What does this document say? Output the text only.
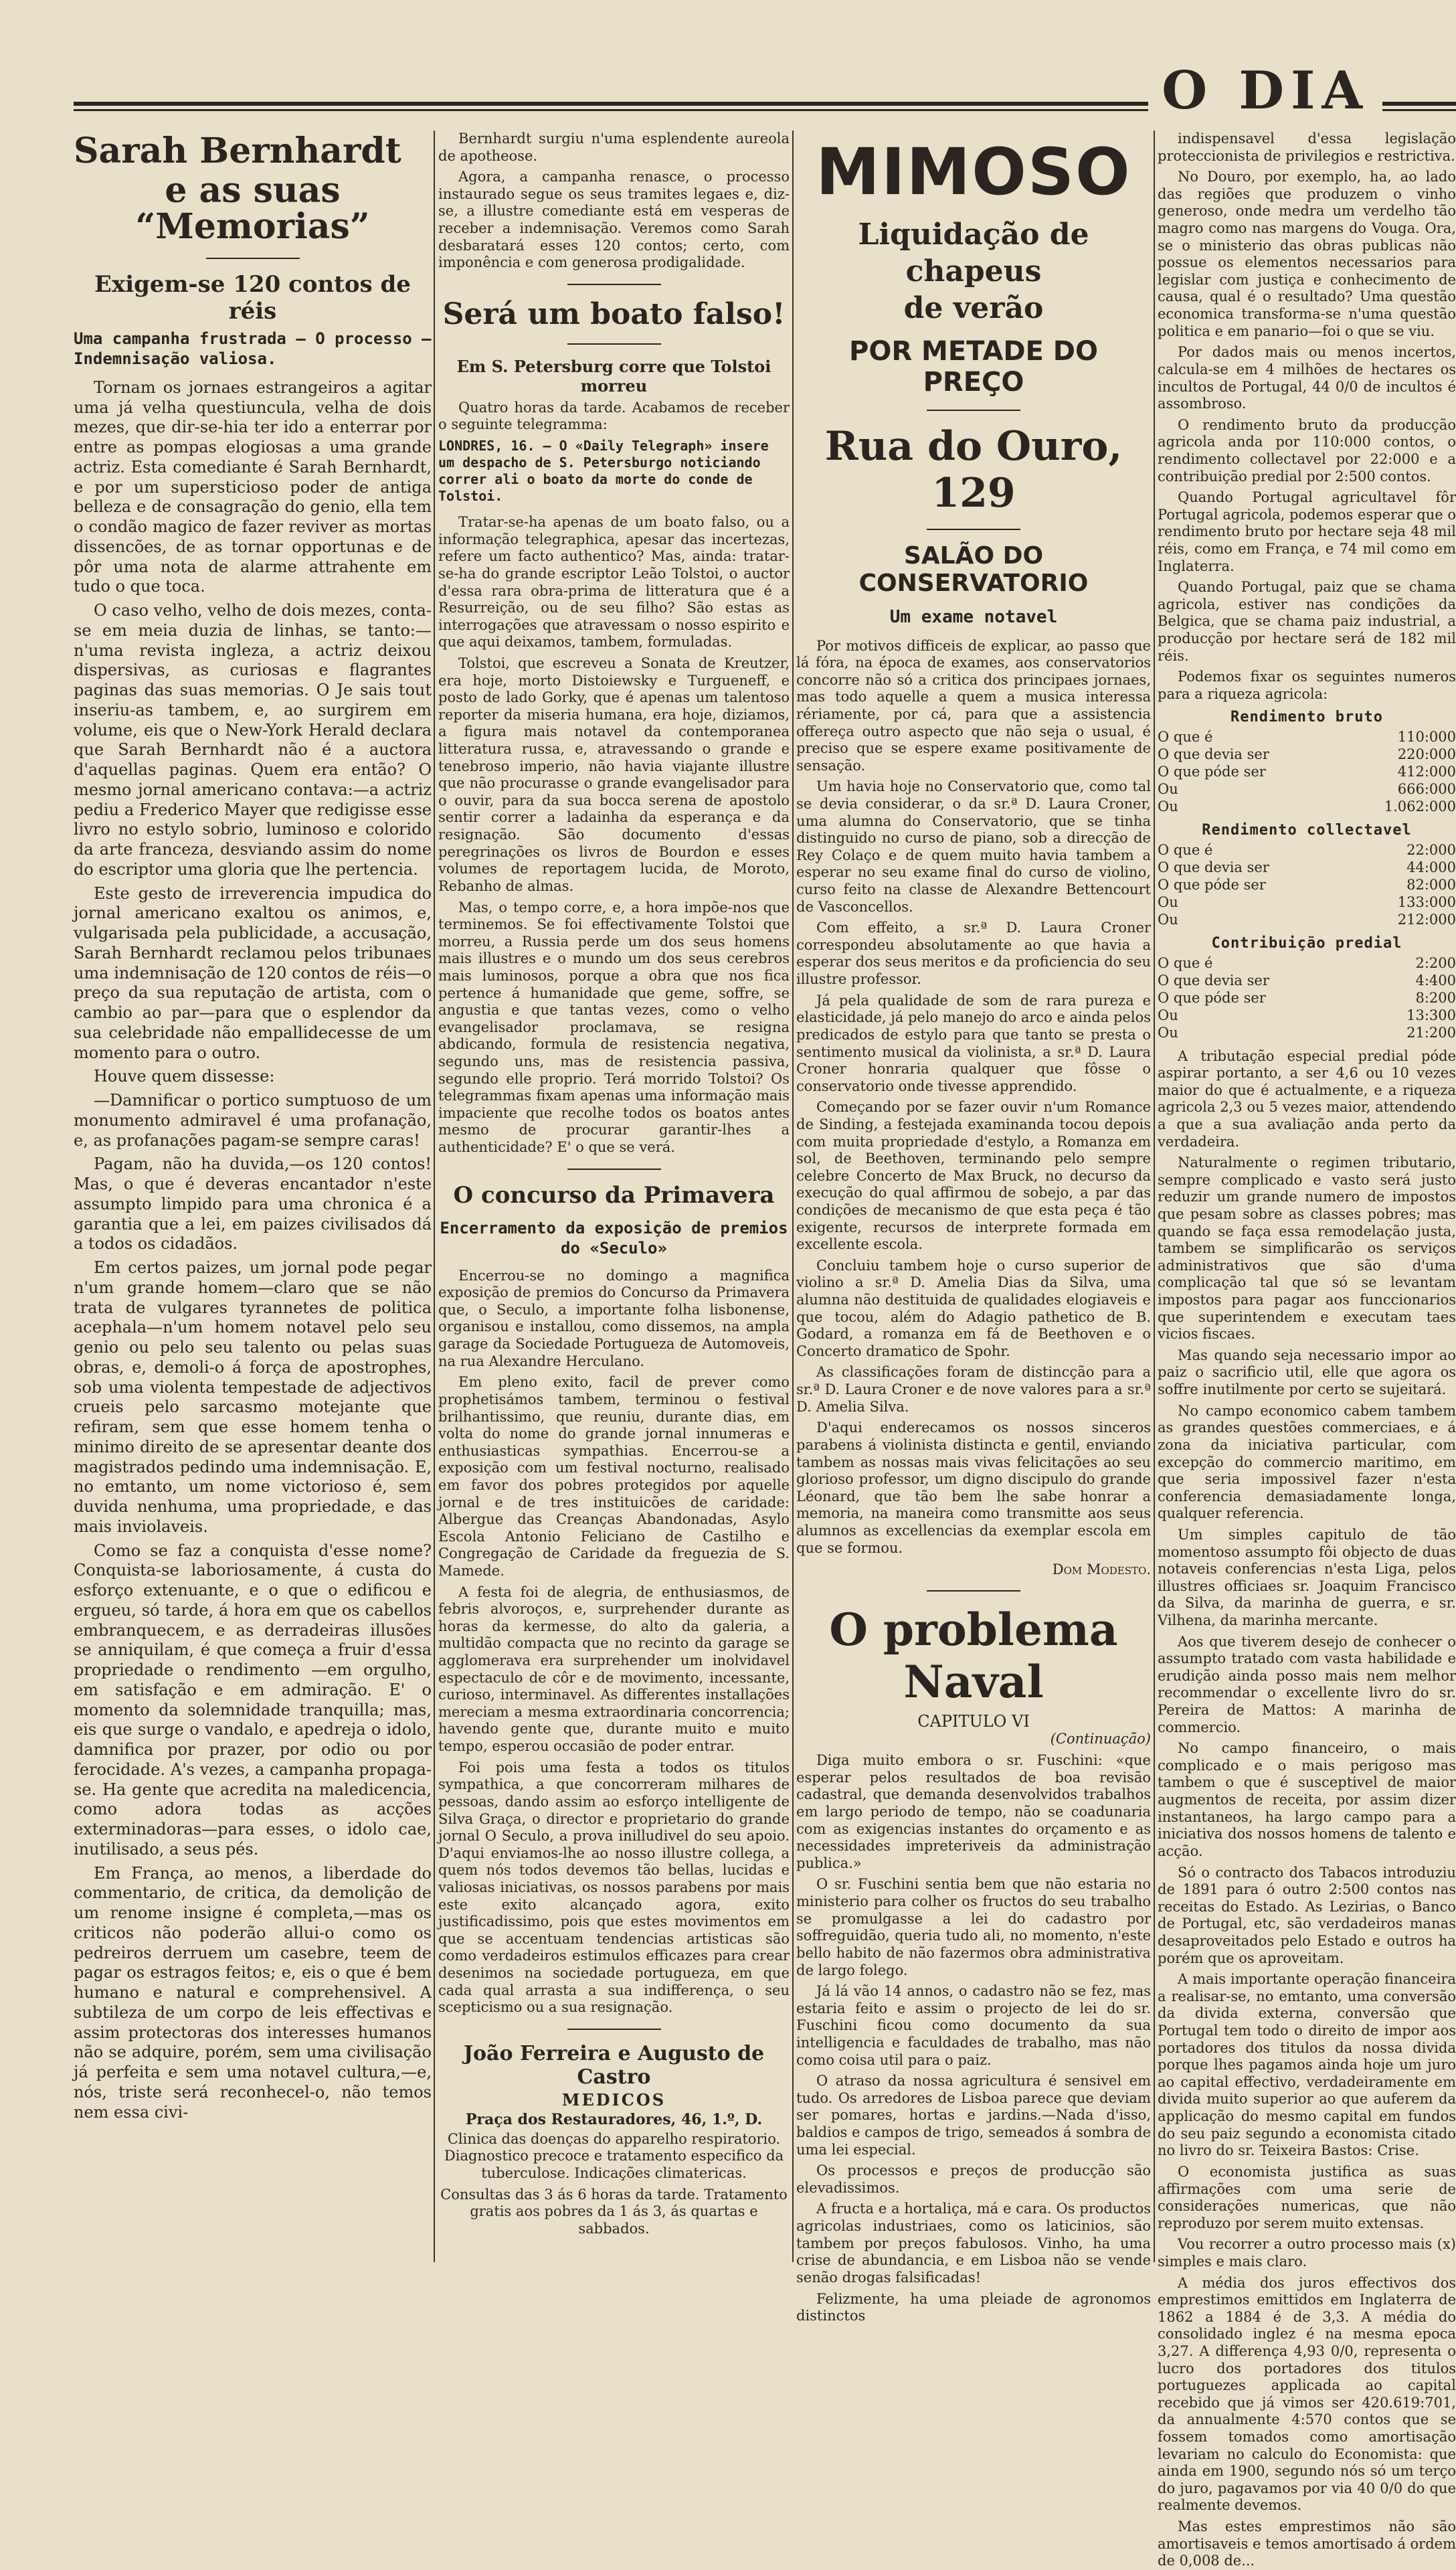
O DIA
Sarah Bernhardt
e as suas “Memorias”
Exigem-se 120 contos de réis
Uma campanha frustrada — O processo — Indemnisação valiosa.

Tornam os jornaes estrangeiros a agitar uma já velha questiuncula, velha de dois mezes, que dir-se-hia ter ido a enterrar por entre as pompas elogiosas a uma grande actriz. Esta comediante é Sarah Bernhardt, e por um supersticioso poder de antiga belleza e de consagração do genio, ella tem o condão magico de fazer reviver as mortas dissencões, de as tornar opportunas e de pôr uma nota de alarme attrahente em tudo o que toca.

O caso velho, velho de dois mezes, conta-se em meia duzia de linhas, se tanto:—n'uma revista ingleza, a actriz deixou dispersivas, as curiosas e flagrantes paginas das suas memorias. O Je sais tout inseriu-as tambem, e, ao surgirem em volume, eis que o New-York Herald declara que Sarah Bernhardt não é a auctora d'aquellas paginas. Quem era então? O mesmo jornal americano contava:—a actriz pediu a Frederico Mayer que redigisse esse livro no estylo sobrio, luminoso e colorido da arte franceza, desviando assim do nome do escriptor uma gloria que lhe pertencia.

Este gesto de irreverencia impudica do jornal americano exaltou os animos, e, vulgarisada pela publicidade, a accusação, Sarah Bernhardt reclamou pelos tribunaes uma indemnisação de 120 contos de réis—o preço da sua reputação de artista, com o cambio ao par—para que o esplendor da sua celebridade não empallidecesse de um momento para o outro.

Houve quem dissesse:

—Damnificar o portico sumptuoso de um monumento admiravel é uma profanação, e, as profanações pagam-se sempre caras!

Pagam, não ha duvida,—os 120 contos! Mas, o que é deveras encantador n'este assumpto limpido para uma chronica é a garantia que a lei, em paizes civilisados dá a todos os cidadãos.

Em certos paizes, um jornal pode pegar n'um grande homem—claro que se não trata de vulgares tyrannetes de politica acephala—n'um homem notavel pelo seu genio ou pelo seu talento ou pelas suas obras, e, demoli-o á força de apostrophes, sob uma violenta tempestade de adjectivos crueis pelo sarcasmo motejante que refiram, sem que esse homem tenha o minimo direito de se apresentar deante dos magistrados pedindo uma indemnisação. E, no emtanto, um nome victorioso é, sem duvida nenhuma, uma propriedade, e das mais inviolaveis.

Como se faz a conquista d'esse nome? Conquista-se laboriosamente, á custa do esforço extenuante, e o que o edificou e ergueu, só tarde, á hora em que os cabellos embranquecem, e as derradeiras illusões se anniquilam, é que começa a fruir d'essa propriedade o rendimento —em orgulho, em satisfação e em admiração. E' o momento da solemnidade tranquilla; mas, eis que surge o vandalo, e apedreja o idolo, damnifica por prazer, por odio ou por ferocidade. A's vezes, a campanha propaga-se. Ha gente que acredita na maledicencia, como adora todas as acções exterminadoras—para esses, o idolo cae, inutilisado, a seus pés.

Em França, ao menos, a liberdade do commentario, de critica, da demolição de um renome insigne é completa,—mas os criticos não poderão allui-o como os pedreiros derruem um casebre, teem de pagar os estragos feitos; e, eis o que é bem humano e natural e comprehensivel. A subtileza de um corpo de leis effectivas e assim protectoras dos interesses humanos não se adquire, porém, sem uma civilisação já perfeita e sem uma notavel cultura,—e, nós, triste será reconhecel-o, não temos nem essa civi-

Bernhardt surgiu n'uma esplendente aureola de apotheose.

Agora, a campanha renasce, o processo instaurado segue os seus tramites legaes e, diz-se, a illustre comediante está em vesperas de receber a indemnisação. Veremos como Sarah desbaratará esses 120 contos; certo, com imponência e com generosa prodigalidade.

Será um boato falso!
Em S. Petersburg corre que Tolstoi morreu

Quatro horas da tarde. Acabamos de receber o seguinte telegramma:

LONDRES, 16. — O «Daily Telegraph» insere um despacho de S. Petersburgo noticiando correr ali o boato da morte do conde de Tolstoi.

Tratar-se-ha apenas de um boato falso, ou a informação telegraphica, apesar das incertezas, refere um facto authentico? Mas, ainda: tratar-se-ha do grande escriptor Leão Tolstoi, o auctor d'essa rara obra-prima de litteratura que é a Resurreição, ou de seu filho? São estas as interrogações que atravessam o nosso espirito e que aqui deixamos, tambem, formuladas.

Tolstoi, que escreveu a Sonata de Kreutzer, era hoje, morto Distoiewsky e Turgueneff, e posto de lado Gorky, que é apenas um talentoso reporter da miseria humana, era hoje, diziamos, a figura mais notavel da contemporanea litteratura russa, e, atravessando o grande e tenebroso imperio, não havia viajante illustre que não procurasse o grande evangelisador para o ouvir, para da sua bocca serena de apostolo sentir correr a ladainha da esperança e da resignação. São documento d'essas peregrinações os livros de Bourdon e esses volumes de reportagem lucida, de Moroto, Rebanho de almas.

Mas, o tempo corre, e, a hora impõe-nos que terminemos. Se foi effectivamente Tolstoi que morreu, a Russia perde um dos seus homens mais illustres e o mundo um dos seus cerebros mais luminosos, porque a obra que nos fica pertence á humanidade que geme, soffre, se angustia e que tantas vezes, como o velho evangelisador proclamava, se resigna abdicando, formula de resistencia negativa, segundo uns, mas de resistencia passiva, segundo elle proprio. Terá morrido Tolstoi? Os telegrammas fixam apenas uma informação mais impaciente que recolhe todos os boatos antes mesmo de procurar garantir-lhes a authenticidade? E' o que se verá.

O concurso da Primavera
Encerramento da exposição de premios do «Seculo»

Encerrou-se no domingo a magnifica exposição de premios do Concurso da Primavera que, o Seculo, a importante folha lisbonense, organisou e installou, como dissemos, na ampla garage da Sociedade Portugueza de Automoveis, na rua Alexandre Herculano.

Em pleno exito, facil de prever como prophetisámos tambem, terminou o festival brilhantissimo, que reuniu, durante dias, em volta do nome do grande jornal innumeras e enthusiasticas sympathias. Encerrou-se a exposição com um festival nocturno, realisado em favor dos pobres protegidos por aquelle jornal e de tres instituicões de caridade: Albergue das Creanças Abandonadas, Asylo Escola Antonio Feliciano de Castilho e Congregação de Caridade da freguezia de S. Mamede.

A festa foi de alegria, de enthusiasmos, de febris alvoroços, e, surprehender durante as horas da kermesse, do alto da galeria, a multidão compacta que no recinto da garage se agglomerava era surprehender um inolvidavel espectaculo de côr e de movimento, incessante, curioso, interminavel. As differentes installações mereciam a mesma extraordinaria concorrencia; havendo gente que, durante muito e muito tempo, esperou occasião de poder entrar.

Foi pois uma festa a todos os titulos sympathica, a que concorreram milhares de pessoas, dando assim ao esforço intelligente de Silva Graça, o director e proprietario do grande jornal O Seculo, a prova inilludivel do seu apoio. D'aqui enviamos-lhe ao nosso illustre collega, a quem nós todos devemos tão bellas, lucidas e valiosas iniciativas, os nossos parabens por mais este exito alcançado agora, exito justificadissimo, pois que estes movimentos em que se accentuam tendencias artisticas são como verdadeiros estimulos efficazes para crear desenimos na sociedade portugueza, em que cada qual arrasta a sua indifferença, o seu scepticismo ou a sua resignação.

João Ferreira e Augusto de Castro
MEDICOS
Praça dos Restauradores, 46, 1.º, D.

Clinica das doenças do apparelho respiratorio. Diagnostico precoce e tratamento especifico da tuberculose. Indicações climatericas.

Consultas das 3 ás 6 horas da tarde. Tratamento gratis aos pobres da 1 ás 3, ás quartas e sabbados.

MIMOSO
Liquidação de chapeus
de verão
POR METADE DO PREÇO
Rua do Ouro, 129
SALÃO DO CONSERVATORIO
Um exame notavel

Por motivos difficeis de explicar, ao passo que lá fóra, na época de exames, aos conservatorios concorre não só a critica dos principaes jornaes, mas todo aquelle a quem a musica interessa rériamente, por cá, para que a assistencia offereça outro aspecto que não seja o usual, é preciso que se espere exame positivamente de sensação.

Um havia hoje no Conservatorio que, como tal se devia considerar, o da sr.ª D. Laura Croner, uma alumna do Conservatorio, que se tinha distinguido no curso de piano, sob a direcção de Rey Colaço e de quem muito havia tambem a esperar no seu exame final do curso de violino, curso feito na classe de Alexandre Bettencourt de Vasconcellos.

Com effeito, a sr.ª D. Laura Croner correspondeu absolutamente ao que havia a esperar dos seus meritos e da proficiencia do seu illustre professor.

Já pela qualidade de som de rara pureza e elasticidade, já pelo manejo do arco e ainda pelos predicados de estylo para que tanto se presta o sentimento musical da violinista, a sr.ª D. Laura Croner honraria qualquer que fôsse o conservatorio onde tivesse apprendido.

Começando por se fazer ouvir n'um Romance de Sinding, a festejada examinanda tocou depois com muita propriedade d'estylo, a Romanza em sol, de Beethoven, terminando pelo sempre celebre Concerto de Max Bruck, no decurso da execução do qual affirmou de sobejo, a par das condições de mecanismo de que esta peça é tão exigente, recursos de interprete formada em excellente escola.

Concluiu tambem hoje o curso superior de violino a sr.ª D. Amelia Dias da Silva, uma alumna não destituida de qualidades elogiaveis e que tocou, além do Adagio pathetico de B. Godard, a romanza em fá de Beethoven e o Concerto dramatico de Spohr.

As classificações foram de distincção para a sr.ª D. Laura Croner e de nove valores para a sr.ª D. Amelia Silva.

D'aqui enderecamos os nossos sinceros parabens á violinista distincta e gentil, enviando tambem as nossas mais vivas felicitações ao seu glorioso professor, um digno discipulo do grande Léonard, que tão bem lhe sabe honrar a memoria, na maneira como transmitte aos seus alumnos as excellencias da exemplar escola em que se formou.

Dom Modesto.

O problema Naval
CAPITULO VI
(Continuação)

Diga muito embora o sr. Fuschini: «que esperar pelos resultados de boa revisão cadastral, que demanda desenvolvidos trabalhos em largo periodo de tempo, não se coadunaria com as exigencias instantes do orçamento e as necessidades impreteriveis da administração publica.»

O sr. Fuschini sentia bem que não estaria no ministerio para colher os fructos do seu trabalho se promulgasse a lei do cadastro por soffreguidão, queria tudo ali, no momento, n'este bello habito de não fazermos obra administrativa de largo folego.

Já lá vão 14 annos, o cadastro não se fez, mas estaria feito e assim o projecto de lei do sr. Fuschini ficou como documento da sua intelligencia e faculdades de trabalho, mas não como coisa util para o paiz.

O atraso da nossa agricultura é sensivel em tudo. Os arredores de Lisboa parece que deviam ser pomares, hortas e jardins.—Nada d'isso, baldios e campos de trigo, semeados á sombra de uma lei especial.

Os processos e preços de producção são elevadissimos.

A fructa e a hortaliça, má e cara. Os productos agricolas industriaes, como os laticinios, são tambem por preços fabulosos. Vinho, ha uma crise de abundancia, e em Lisboa não se vende senão drogas falsificadas!

Felizmente, ha uma pleiade de agronomos distinctos

indispensavel d'essa legislação proteccionista de privilegios e restrictiva.

No Douro, por exemplo, ha, ao lado das regiões que produzem o vinho generoso, onde medra um verdelho tão magro como nas margens do Vouga. Ora, se o ministerio das obras publicas não possue os elementos necessarios para legislar com justiça e conhecimento de causa, qual é o resultado? Uma questão economica transforma-se n'uma questão politica e em panario—foi o que se viu.

Por dados mais ou menos incertos, calcula-se em 4 milhões de hectares os incultos de Portugal, 44 0/0 de incultos é assombroso.

O rendimento bruto da producção agricola anda por 110:000 contos, o rendimento collectavel por 22:000 e a contribuição predial por 2:500 contos.

Quando Portugal agricultavel fôr Portugal agricola, podemos esperar que o rendimento bruto por hectare seja 48 mil réis, como em França, e 74 mil como em Inglaterra.

Quando Portugal, paiz que se chama agricola, estiver nas condições da Belgica, que se chama paiz industrial, a producção por hectare será de 182 mil réis.

Podemos fixar os seguintes numeros para a riqueza agricola:

Rendimento bruto
O que é	110:000
O que devia ser	220:000
O que póde ser	412:000
Ou	666:000
Ou	1.062:000
Rendimento collectavel
O que é	22:000
O que devia ser	44:000
O que póde ser	82:000
Ou	133:000
Ou	212:000
Contribuição predial
O que é	2:200
O que devia ser	4:400
O que póde ser	8:200
Ou	13:300
Ou	21:200

A tributação especial predial póde aspirar portanto, a ser 4,6 ou 10 vezes maior do que é actualmente, e a riqueza agricola 2,3 ou 5 vezes maior, attendendo a que a sua avaliação anda perto da verdadeira.

Naturalmente o regimen tributario, sempre complicado e vasto será justo reduzir um grande numero de impostos que pesam sobre as classes pobres; mas quando se faça essa remodelação justa, tambem se simplificarão os serviços administrativos que são d'uma complicação tal que só se levantam impostos para pagar aos funccionarios que superintendem e executam taes vicios fiscaes.

Mas quando seja necessario impor ao paiz o sacrificio util, elle que agora os soffre inutilmente por certo se sujeitará.

No campo economico cabem tambem as grandes questões commerciaes, e á zona da iniciativa particular, com excepção do commercio maritimo, em que seria impossivel fazer n'esta conferencia demasiadamente longa, qualquer referencia.

Um simples capitulo de tão momentoso assumpto fôi objecto de duas notaveis conferencias n'esta Liga, pelos illustres officiaes sr. Joaquim Francisco da Silva, da marinha de guerra, e sr. Vilhena, da marinha mercante.

Aos que tiverem desejo de conhecer o assumpto tratado com vasta habilidade e erudição ainda posso mais nem melhor recommendar o excellente livro do sr. Pereira de Mattos: A marinha de commercio.

No campo financeiro, o mais complicado e o mais perigoso mas tambem o que é susceptivel de maior augmentos de receita, por assim dizer instantaneos, ha largo campo para a iniciativa dos nossos homens de talento e acção.

Só o contracto dos Tabacos introduziu de 1891 para ó outro 2:500 contos nas receitas do Estado. As Lezirias, o Banco de Portugal, etc, são verdadeiros manas desaproveitados pelo Estado e outros ha porém que os aproveitam.

A mais importante operação financeira a realisar-se, no emtanto, uma conversão da divida externa, conversão que Portugal tem todo o direito de impor aos portadores dos titulos da nossa divida porque lhes pagamos ainda hoje um juro ao capital effectivo, verdadeiramente em divida muito superior ao que auferem da applicação do mesmo capital em fundos do seu paiz segundo a economista citado no livro do sr. Teixeira Bastos: Crise.

O economista justifica as suas affirmações com uma serie de considerações numericas, que não reproduzo por serem muito extensas.

Vou recorrer a outro processo mais (x) simples e mais claro.

A média dos juros effectivos dos emprestimos emittidos em Inglaterra de 1862 a 1884 é de 3,3. A média do consolidado inglez é na mesma epoca 3,27. A differença 4,93 0/0, representa o lucro dos portadores dos titulos portuguezes applicada ao capital recebido que já vimos ser 420.619:701, da annualmente 4:570 contos que se fossem tomados como amortisação levariam no calculo do Economista: que ainda em 1900, segundo nós só um terço do juro, pagavamos por via 40 0/0 do que realmente devemos.

Mas estes emprestimos não são amortisaveis e temos amortisado á ordem de 0,008 de...
